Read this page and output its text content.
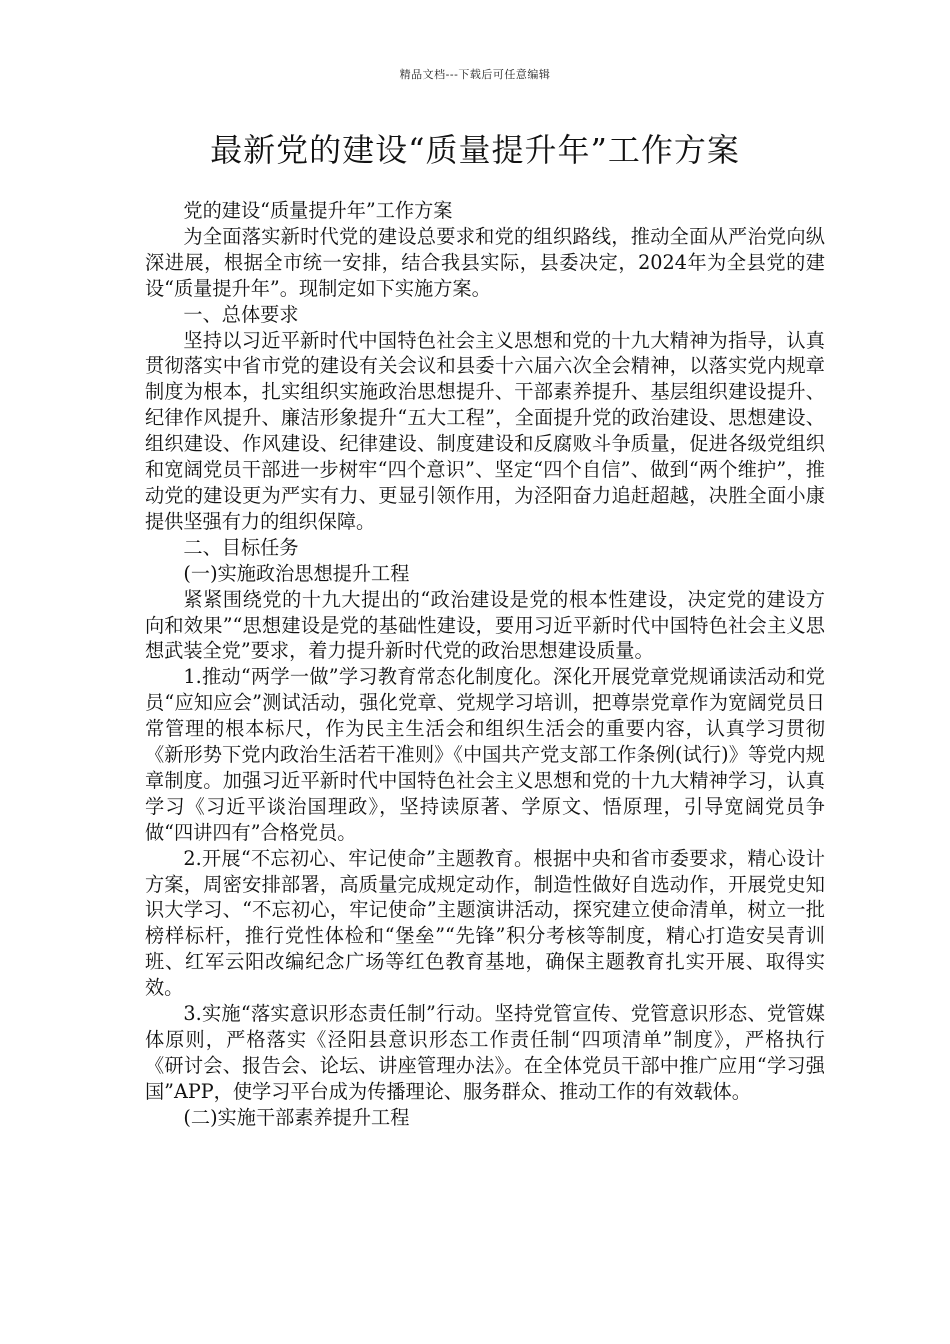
精品文档---下载后可任意编辑
最新党的建设“质量提升年”工作方案

党的建设“质量提升年”工作方案

为全面落实新时代党的建设总要求和党的组织路线，推动全面从严治党向纵深进展，根据全市统一安排，结合我县实际，县委决定，2024年为全县党的建设“质量提升年”。现制定如下实施方案。

一、总体要求

坚持以习近平新时代中国特色社会主义思想和党的十九大精神为指导，认真贯彻落实中省市党的建设有关会议和县委十六届六次全会精神，以落实党内规章制度为根本，扎实组织实施政治思想提升、干部素养提升、基层组织建设提升、纪律作风提升、廉洁形象提升“五大工程”，全面提升党的政治建设、思想建设、组织建设、作风建设、纪律建设、制度建设和反腐败斗争质量，促进各级党组织和宽阔党员干部进一步树牢“四个意识”、坚定“四个自信”、做到“两个维护”，推动党的建设更为严实有力、更显引领作用，为泾阳奋力追赶超越，决胜全面小康提供坚强有力的组织保障。

二、目标任务

(一)实施政治思想提升工程

紧紧围绕党的十九大提出的“政治建设是党的根本性建设，决定党的建设方向和效果”“思想建设是党的基础性建设，要用习近平新时代中国特色社会主义思想武装全党”要求，着力提升新时代党的政治思想建设质量。

1.推动“两学一做”学习教育常态化制度化。深化开展党章党规诵读活动和党员“应知应会”测试活动，强化党章、党规学习培训，把尊崇党章作为宽阔党员日常管理的根本标尺，作为民主生活会和组织生活会的重要内容，认真学习贯彻《新形势下党内政治生活若干准则》《中国共产党支部工作条例(试行)》等党内规章制度。加强习近平新时代中国特色社会主义思想和党的十九大精神学习，认真学习《习近平谈治国理政》，坚持读原著、学原文、悟原理，引导宽阔党员争做“四讲四有”合格党员。

2.开展“不忘初心、牢记使命”主题教育。根据中央和省市委要求，精心设计方案，周密安排部署，高质量完成规定动作，制造性做好自选动作，开展党史知识大学习、“不忘初心，牢记使命”主题演讲活动，探究建立使命清单，树立一批榜样标杆，推行党性体检和“堡垒”“先锋”积分考核等制度，精心打造安吴青训班、红军云阳改编纪念广场等红色教育基地，确保主题教育扎实开展、取得实效。

3.实施“落实意识形态责任制”行动。坚持党管宣传、党管意识形态、党管媒体原则，严格落实《泾阳县意识形态工作责任制“四项清单”制度》，严格执行《研讨会、报告会、论坛、讲座管理办法》。在全体党员干部中推广应用“学习强国”APP，使学习平台成为传播理论、服务群众、推动工作的有效载体。

(二)实施干部素养提升工程
